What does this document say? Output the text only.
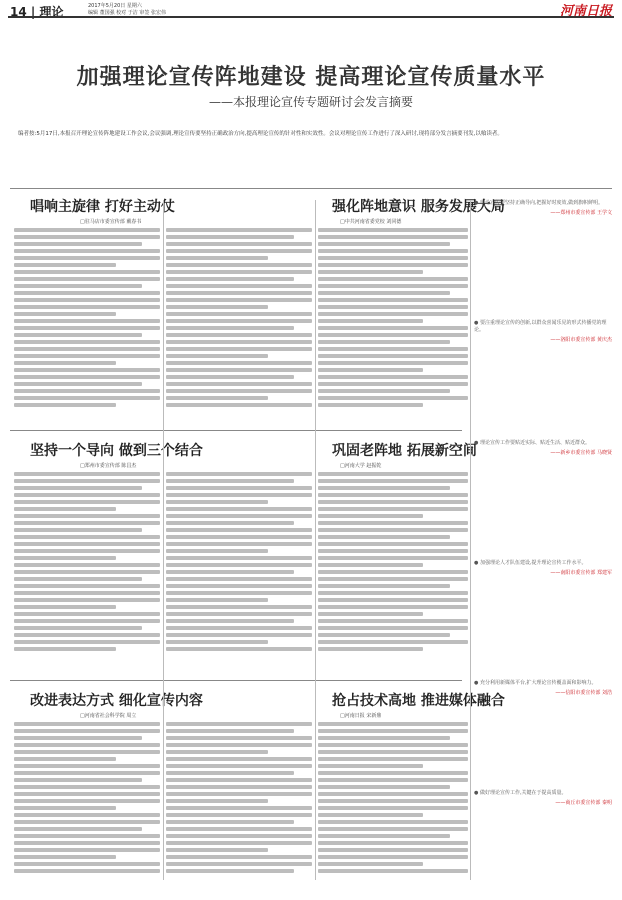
14 | 理论	2017年5月20日 星期六
编辑 董国强 校对 于洁 审签 张宏伟	河南日报
加强理论宣传阵地建设 提高理论宣传质量水平
——本报理论宣传专题研讨会发言摘要
编者按:5月17日,本报召开理论宣传阵地建设工作会议,会议强调,理论宣传要坚持正确政治方向,提高理论宣传的针对性和实效性。会议对理论宣传工作进行了深入研讨,现将部分发言摘要刊发,以飨读者。
唱响主旋律 打好主动仗
□驻马店市委宣传部 戴春书
强化阵地意识 服务发展大局
□中共河南省委党校 刘同德
坚持一个导向 做到三个结合
□郑州市委宣传部 陈昌杰
巩固老阵地 拓展新空间
□河南大学 赵振乾
改进表达方式 细化宣传内容
□河南省社会科学院 周立
抢占技术高地 推进媒体融合
□河南日报 宋新鼎
● 理论宣传要坚持正确导向,把握好时度效,做到旗帜鲜明。
——郑州市委宣传部 王学文
● 要注重理论宣传的创新,以群众喜闻乐见的形式传播党的理论。
——洛阳市委宣传部 黄庆杰
● 理论宣传工作要贴近实际、贴近生活、贴近群众。
——新乡市委宣传部 马晓贤
● 加强理论人才队伍建设,提升理论宣传工作水平。
——南阳市委宣传部 郑建军
● 充分利用新媒体平台,扩大理论宣传覆盖面和影响力。
——信阳市委宣传部 刘浩
● 做好理论宣传工作,关键在于提高质量。
——商丘市委宣传部 秦明
